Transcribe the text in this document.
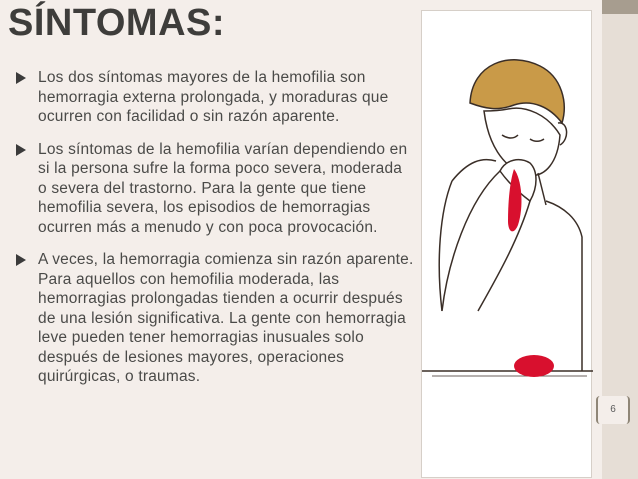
SÍNTOMAS:
Los dos síntomas mayores de la hemofilia son hemorragia externa prolongada, y moraduras que ocurren con facilidad o sin razón aparente.
Los síntomas de la hemofilia varían dependiendo en si la persona sufre la forma poco severa, moderada o severa del trastorno. Para la gente que tiene hemofilia severa, los episodios de hemorragias ocurren más a menudo y con poca provocación.
A veces, la hemorragia comienza sin razón aparente. Para aquellos con hemofilia moderada, las hemorragias prolongadas tienden a ocurrir después de una lesión significativa. La gente con hemorragia leve pueden tener hemorragias inusuales solo después de lesiones mayores, operaciones quirúrgicas, o traumas.
6
